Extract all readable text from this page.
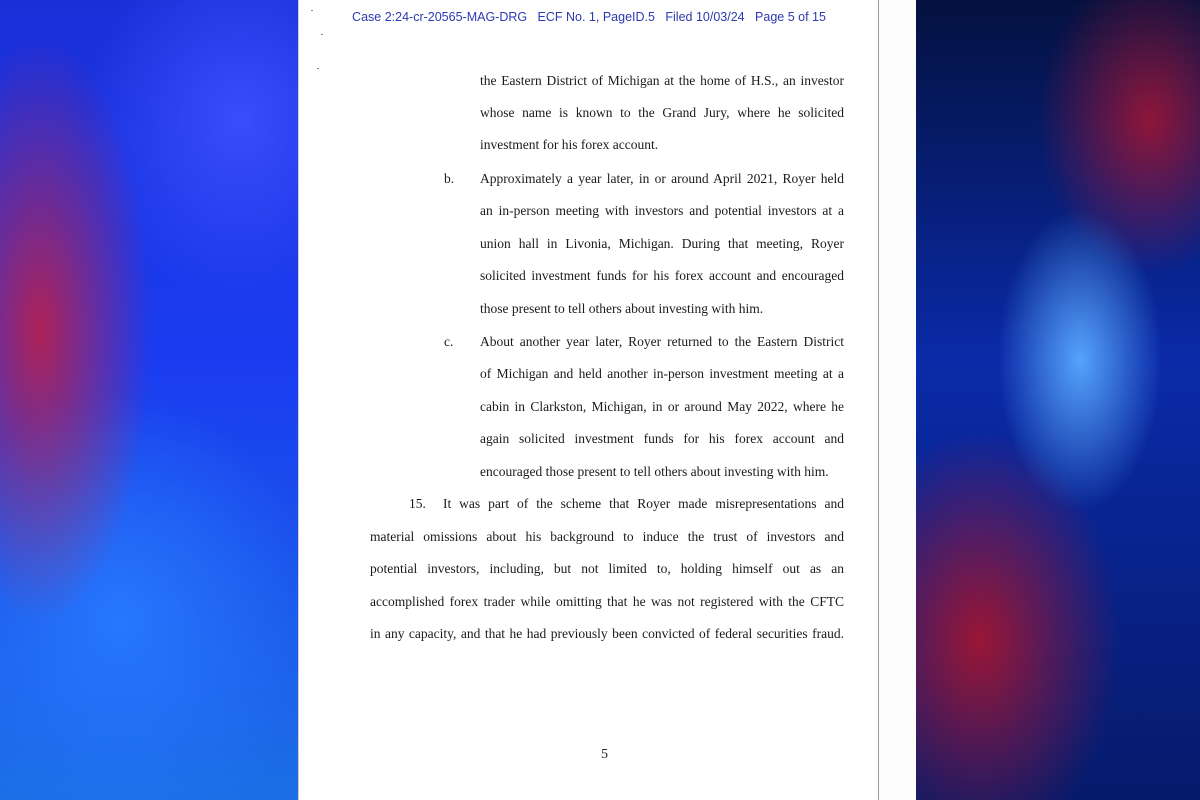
Case 2:24-cr-20565-MAG-DRG ECF No. 1, PageID.5 Filed 10/03/24 Page 5 of 15
the Eastern District of Michigan at the home of H.S., an investor
whose name is known to the Grand Jury, where he solicited
investment for his forex account.
b. Approximately a year later, in or around April 2021, Royer held
an in-person meeting with investors and potential investors at a
union hall in Livonia, Michigan. During that meeting, Royer
solicited investment funds for his forex account and encouraged
those present to tell others about investing with him.
c. About another year later, Royer returned to the Eastern District
of Michigan and held another in-person investment meeting at a
cabin in Clarkston, Michigan, in or around May 2022, where he
again solicited investment funds for his forex account and
encouraged those present to tell others about investing with him.
15. It was part of the scheme that Royer made misrepresentations and
material omissions about his background to induce the trust of investors and
potential investors, including, but not limited to, holding himself out as an
accomplished forex trader while omitting that he was not registered with the CFTC
in any capacity, and that he had previously been convicted of federal securities fraud.
5
